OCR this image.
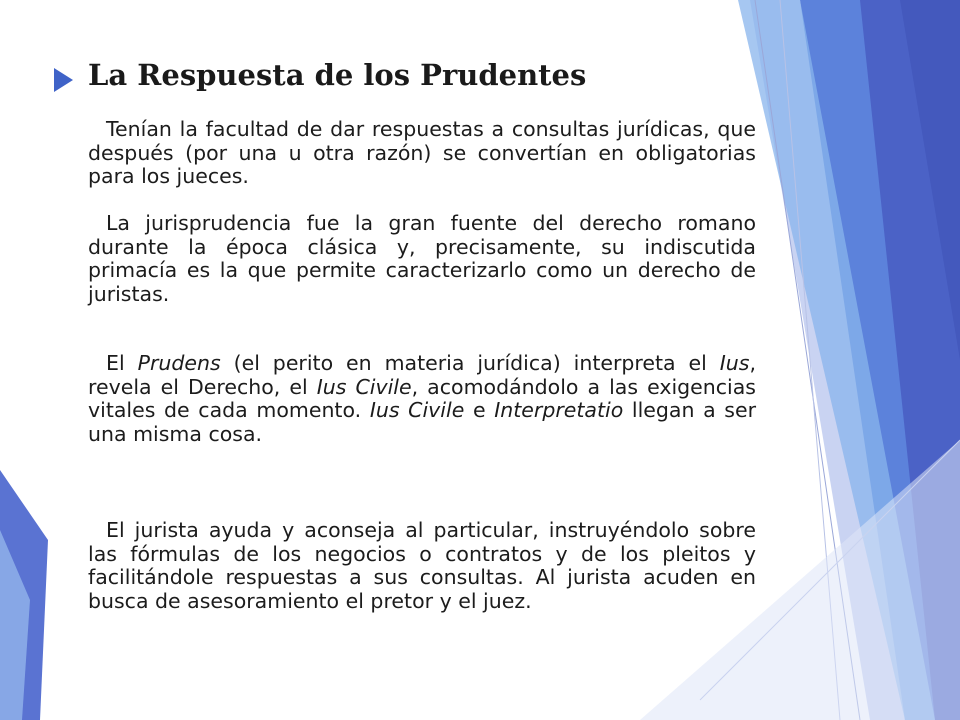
La Respuesta de los Prudentes

Tenían la facultad de dar respuestas a consultas jurídicas, que después (por una u otra razón) se convertían en obligatorias para los jueces.

La jurisprudencia fue la gran fuente del derecho romano durante la época clásica y, precisamente, su indiscutida primacía es la que permite caracterizarlo como un derecho de juristas.

El Prudens (el perito en materia jurídica) interpreta el Ius, revela el Derecho, el Ius Civile, acomodándolo a las exigencias vitales de cada momento. Ius Civile e Interpretatio llegan a ser una misma cosa.

El jurista ayuda y aconseja al particular, instruyéndolo sobre las fórmulas de los negocios o contratos y de los pleitos y facilitándole respuestas a sus consultas. Al jurista acuden en busca de asesoramiento el pretor y el juez.
